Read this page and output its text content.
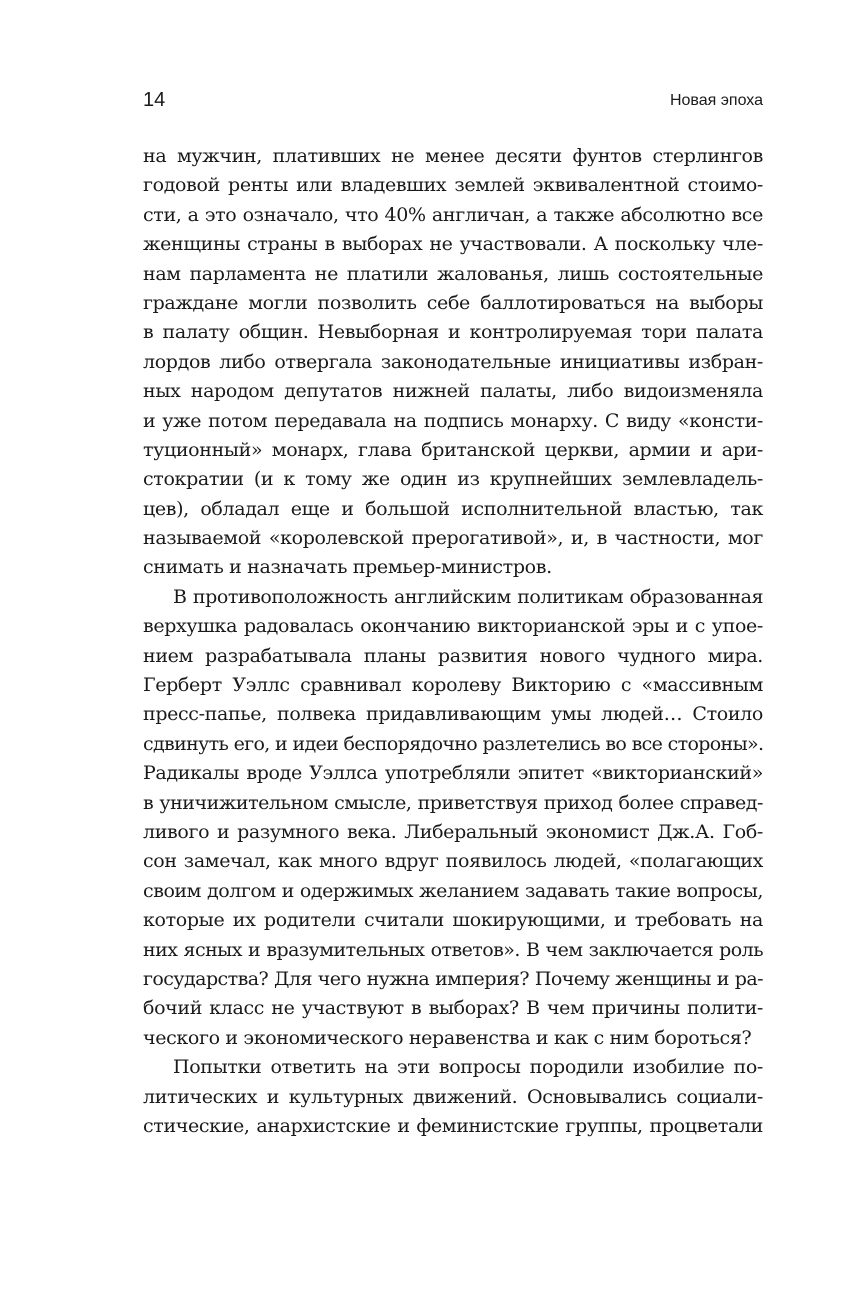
14	Новая эпоха
на мужчин, плативших не менее десяти фунтов стерлингов
годовой ренты или владевших землей эквивалентной стоимо-
сти, а это означало, что 40% англичан, а также абсолютно все
женщины страны в выборах не участвовали. А поскольку чле-
нам парламента не платили жалованья, лишь состоятельные
граждане могли позволить себе баллотироваться на выборы
в палату общин. Невыборная и контролируемая тори палата
лордов либо отвергала законодательные инициативы избран-
ных народом депутатов нижней палаты, либо видоизменяла
и уже потом передавала на подпись монарху. С виду «консти-
туционный» монарх, глава британской церкви, армии и ари-
стократии (и к тому же один из крупнейших землевладель-
цев), обладал еще и большой исполнительной властью, так
называемой «королевской прерогативой», и, в частности, мог
снимать и назначать премьер-министров.
В противоположность английским политикам образованная
верхушка радовалась окончанию викторианской эры и с упое-
нием разрабатывала планы развития нового чудного мира.
Герберт Уэллс сравнивал королеву Викторию с «массивным
пресс-папье, полвека придавливающим умы людей… Стоило
сдвинуть его, и идеи беспорядочно разлетелись во все стороны».
Радикалы вроде Уэллса употребляли эпитет «викторианский»
в уничижительном смысле, приветствуя приход более справед-
ливого и разумного века. Либеральный экономист Дж.А. Гоб-
сон замечал, как много вдруг появилось людей, «полагающих
своим долгом и одержимых желанием задавать такие вопросы,
которые их родители считали шокирующими, и требовать на
них ясных и вразумительных ответов». В чем заключается роль
государства? Для чего нужна империя? Почему женщины и ра-
бочий класс не участвуют в выборах? В чем причины полити-
ческого и экономического неравенства и как с ним бороться?
Попытки ответить на эти вопросы породили изобилие по-
литических и культурных движений. Основывались социали-
стические, анархистские и феминистские группы, процветали
